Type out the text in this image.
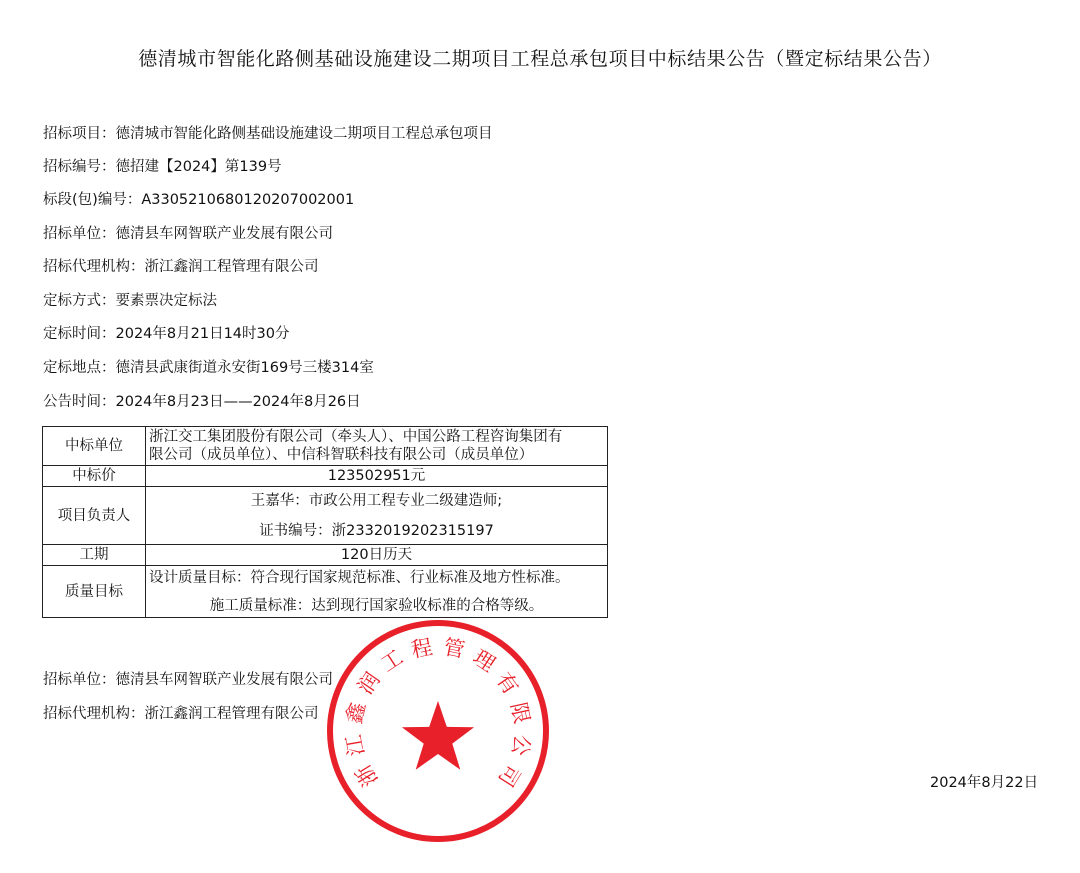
德清城市智能化路侧基础设施建设二期项目工程总承包项目中标结果公告（暨定标结果公告）
招标项目：德清城市智能化路侧基础设施建设二期项目工程总承包项目
招标编号：德招建【2024】第139号
标段(包)编号：A3305210680120207002001
招标单位：德清县车网智联产业发展有限公司
招标代理机构：浙江鑫润工程管理有限公司
定标方式：要素票决定标法
定标时间：2024年8月21日14时30分
定标地点：德清县武康街道永安街169号三楼314室
公告时间：2024年8月23日——2024年8月26日
中标单位	浙江交工集团股份有限公司（牵头人）、中国公路工程咨询集团有
限公司（成员单位）、中信科智联科技有限公司（成员单位）

中标价	123502951元
项目负责人	王嘉华：市政公用工程专业二级建造师;
证书编号：浙2332019202315197

工期	120日历天
质量目标	设计质量目标：符合现行国家规范标准、行业标准及地方性标准。
施工质量标准：达到现行国家验收标准的合格等级。
招标单位：德清县车网智联产业发展有限公司
招标代理机构：浙江鑫润工程管理有限公司
浙
江
鑫
润
工 程 管 理
有
限
公
司	2024年8月22日
